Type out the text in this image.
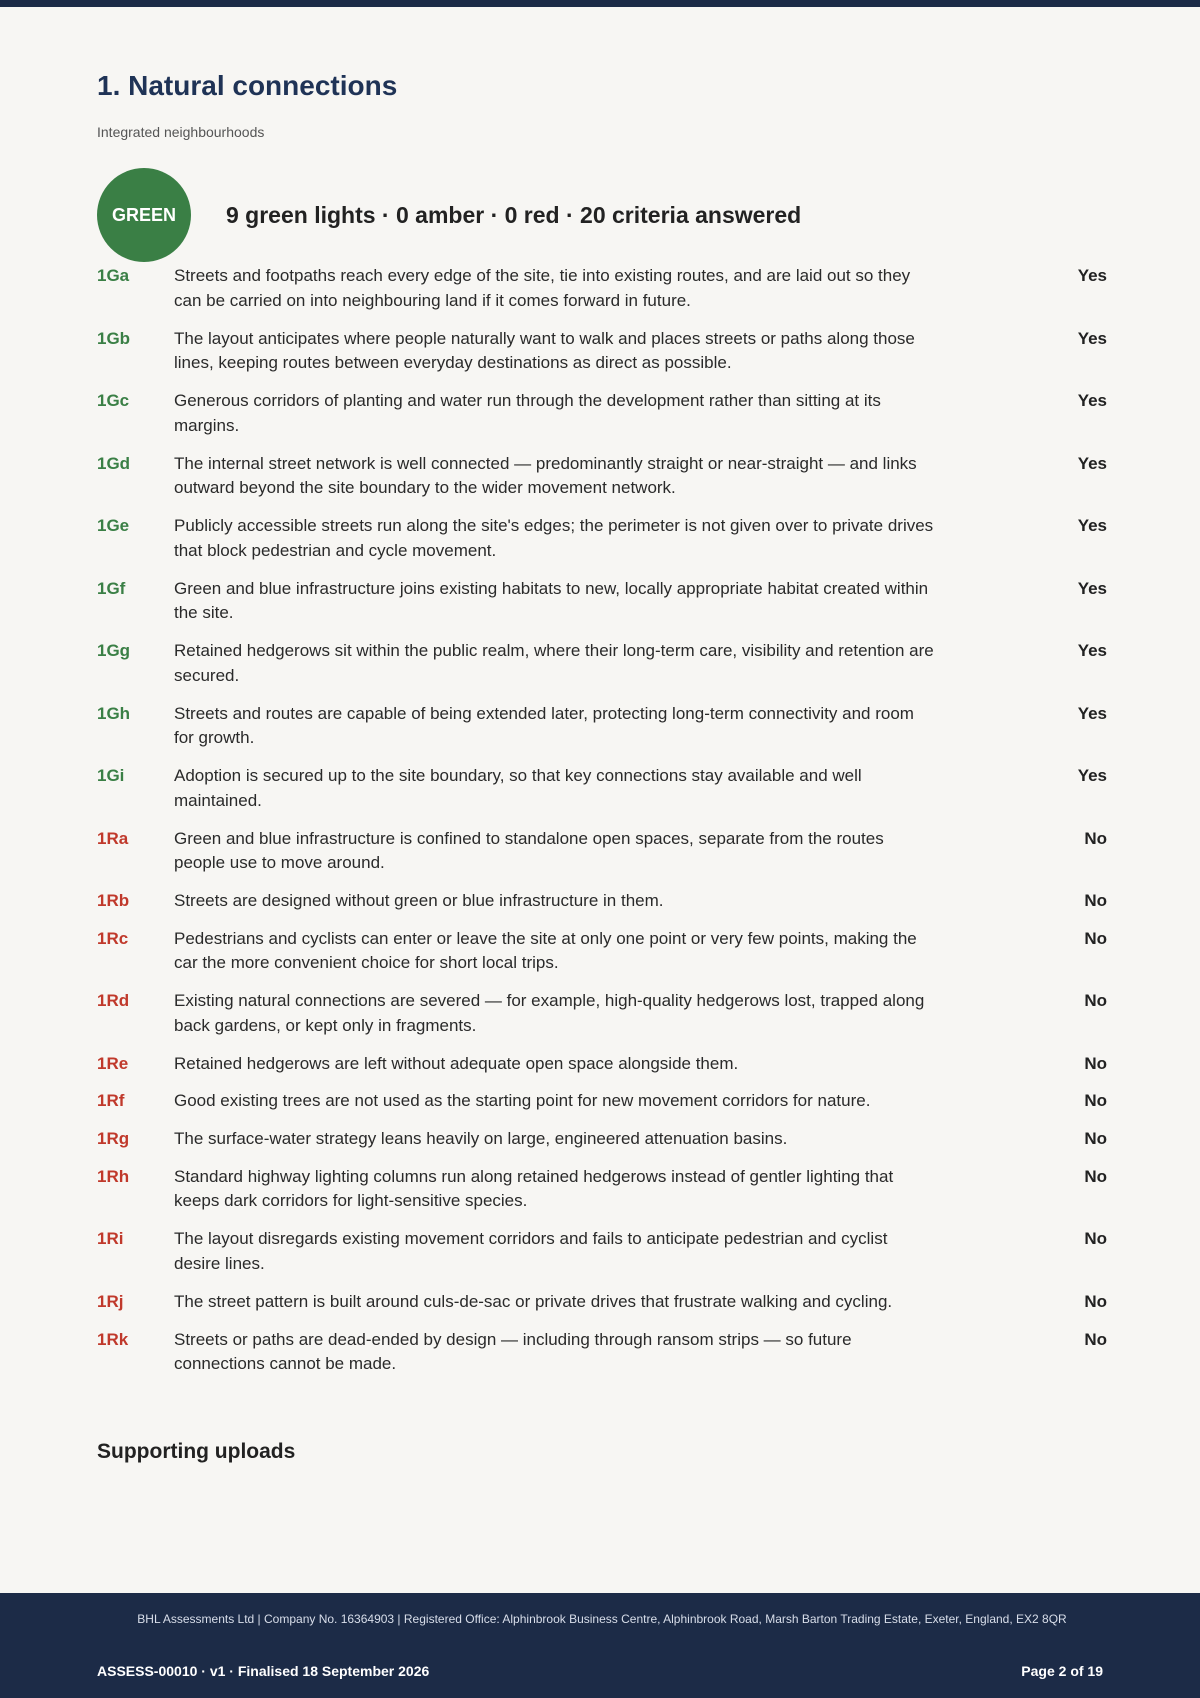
1. Natural connections
Integrated neighbourhoods
GREEN	9 green lights · 0 amber · 0 red · 20 criteria answered
1Ga	Streets and footpaths reach every edge of the site, tie into existing routes, and are laid out so they can be carried on into neighbouring land if it comes forward in future.
Yes
1Gb	The layout anticipates where people naturally want to walk and places streets or paths along those lines, keeping routes between everyday destinations as direct as possible.
Yes
1Gc	Generous corridors of planting and water run through the development rather than sitting at its margins.
Yes
1Gd	The internal street network is well connected — predominantly straight or near-straight — and links outward beyond the site boundary to the wider movement network.
Yes
1Ge	Publicly accessible streets run along the site's edges; the perimeter is not given over to private drives that block pedestrian and cycle movement.
Yes
1Gf	Green and blue infrastructure joins existing habitats to new, locally appropriate habitat created within the site.
Yes
1Gg	Retained hedgerows sit within the public realm, where their long-term care, visibility and retention are secured.
Yes
1Gh	Streets and routes are capable of being extended later, protecting long-term connectivity and room for growth.
Yes
1Gi	Adoption is secured up to the site boundary, so that key connections stay available and well maintained.
Yes
1Ra	Green and blue infrastructure is confined to standalone open spaces, separate from the routes people use to move around.
No
1Rb	Streets are designed without green or blue infrastructure in them.	No
1Rc	Pedestrians and cyclists can enter or leave the site at only one point or very few points, making the car the more convenient choice for short local trips.
No
1Rd	Existing natural connections are severed — for example, high-quality hedgerows lost, trapped along back gardens, or kept only in fragments.
No
1Re	Retained hedgerows are left without adequate open space alongside them.	No
1Rf	Good existing trees are not used as the starting point for new movement corridors for nature.	No
1Rg	The surface-water strategy leans heavily on large, engineered attenuation basins.	No
1Rh	Standard highway lighting columns run along retained hedgerows instead of gentler lighting that keeps dark corridors for light-sensitive species.
No
1Ri	The layout disregards existing movement corridors and fails to anticipate pedestrian and cyclist desire lines.
No
1Rj	The street pattern is built around culs-de-sac or private drives that frustrate walking and cycling.	No
1Rk	Streets or paths are dead-ended by design — including through ransom strips — so future connections cannot be made.
No
Supporting uploads
BHL Assessments Ltd | Company No. 16364903 | Registered Office: Alphinbrook Business Centre, Alphinbrook Road, Marsh Barton Trading Estate, Exeter, England, EX2 8QR
ASSESS-00010 · v1 · Finalised 18 September 2026	Page 2 of 19
